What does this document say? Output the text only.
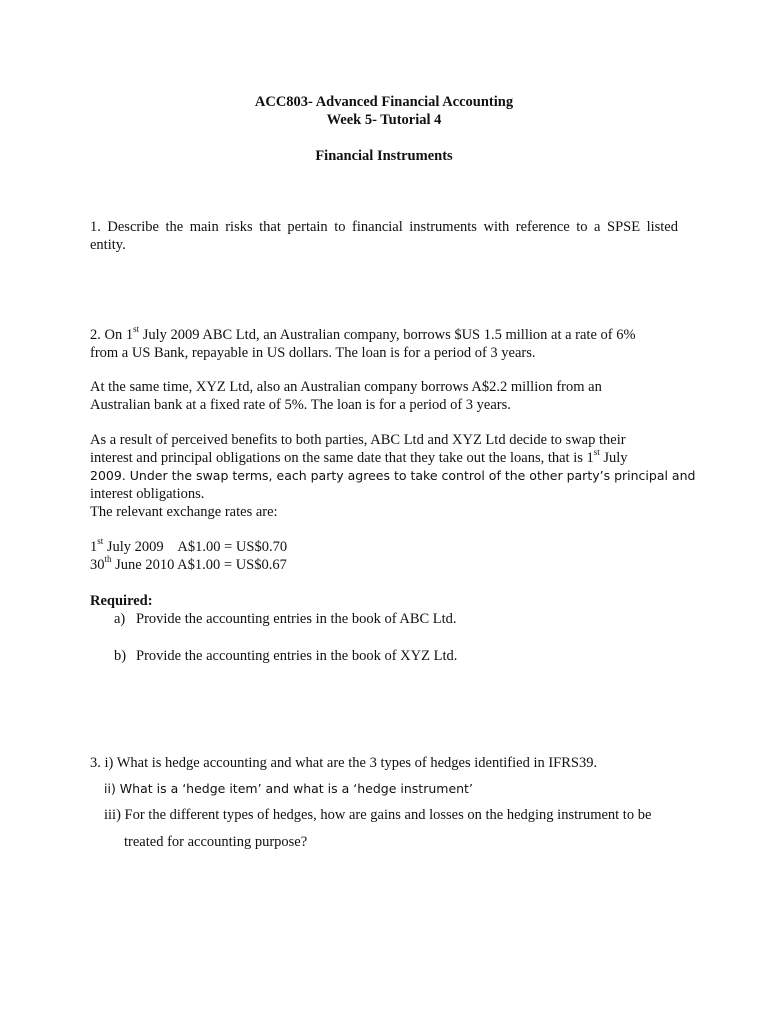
ACC803- Advanced Financial Accounting
Week 5- Tutorial 4
Financial Instruments
1. Describe the main risks that pertain to financial instruments with reference to a SPSE listed
entity.
2. On 1st July 2009 ABC Ltd, an Australian company, borrows $US 1.5 million at a rate of 6%
from a US Bank, repayable in US dollars. The loan is for a period of 3 years.
At the same time, XYZ Ltd, also an Australian company borrows A$2.2 million from an
Australian bank at a fixed rate of 5%. The loan is for a period of 3 years.
As a result of perceived benefits to both parties, ABC Ltd and XYZ Ltd decide to swap their
interest and principal obligations on the same date that they take out the loans, that is 1st July
2009. Under the swap terms, each party agrees to take control of the other party’s principal and
interest obligations.
The relevant exchange rates are:
1st July 2009    A$1.00 = US$0.70
30th June 2010 A$1.00 = US$0.67
Required:
a) Provide the accounting entries in the book of ABC Ltd.
b) Provide the accounting entries in the book of XYZ Ltd.
3. i) What is hedge accounting and what are the 3 types of hedges identified in IFRS39.
ii) What is a ‘hedge item’ and what is a ‘hedge instrument’
iii) For the different types of hedges, how are gains and losses on the hedging instrument to be
treated for accounting purpose?
